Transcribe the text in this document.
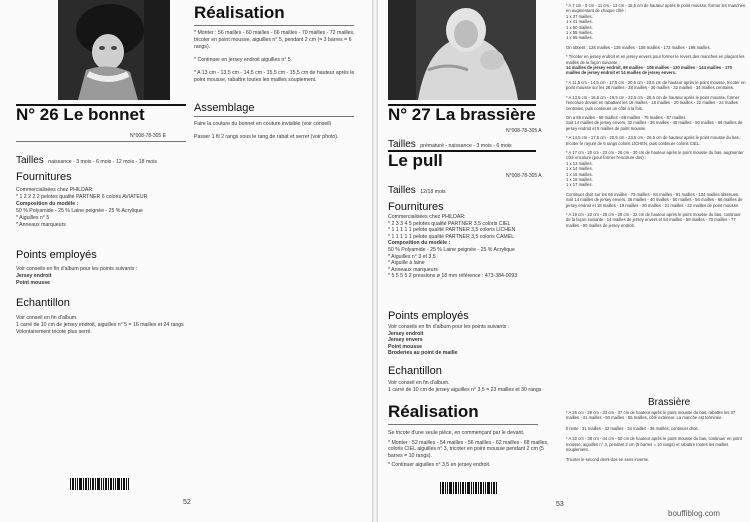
N° 26 Le bonnet
N°008-78-305 E
Tailles naissance - 3 mois - 6 mois - 12 mois - 18 mois
Fournitures
Commercialisées chez PHILDAR:
* 1 2 2 2 2 pelotes qualité PARTNER 6 coloris AVIATEUR
Composition du modèle :
50 % Polyamide - 25 % Laine peignée - 25 % Acrylique
* Aiguilles n° 5
* Anneaux marqueurs
Points employés
Voir conseils en fin d'album pour les points suivants :
Jersey endroit
Point mousse
Echantillon
Voir conseil en fin d'album.
1 carré de 10 cm de jersey endroit, aiguilles n° 5 = 16 mailles et 24 rangs
Volontairement tricoté plus serré.
Réalisation
* Monter : 56 mailles - 60 mailles - 66 mailles - 70 mailles - 72 mailles, tricoter en point mousse, aiguilles n° 5, pendant 2 cm (= 3 barres = 6 rangs).
* Continuer en jersey endroit aiguilles n° 5.
* A 13 cm - 13,5 cm - 14,5 cm - 15,5 cm - 15,5 cm de hauteur après le point mousse, rabattre toutes les mailles souplement.
Assemblage
Faire la couture du bonnet en couture invisible (voir conseil)
Passer 1 fil 2 rangs sous le rang de rabat et serrer (voir photo).
52
N° 27 La brassière
N°008-78-305 A
Tailles prématuré - naissance - 3 mois - 6 mois
Le pull
N°008-78-305 A
Tailles 12/18 mois
Fournitures
Commercialisées chez PHILDAR:
* 2 3 3 4 5 pelotes qualité PARTNER 3,5 coloris CIEL
* 1 1 1 1 1 pelote qualité PARTNER 3,5 coloris LICHEN
* 1 1 1 1 1 pelote qualité PARTNER 3,5 coloris CAMEL
Composition du modèle :
50 % Polyamide - 25 % Laine peignée - 25 % Acrylique
* Aiguilles n° 3 et 3,5
* Aiguille à laine
* Anneaux marqueurs
* 5 5 5 5 2 pressions ø 18 mm référence : 473-384-0093
Points employés
Voir conseils en fin d'album pour les points suivants :
Jersey endroit
Jersey envers
Point mousse
Broderies au point de maille
Echantillon
Voir conseil en fin d'album.
1 carré de 10 cm de jersey aiguilles n° 3,5 = 23 mailles et 30 rangs
Réalisation
Se tricote d'une seule pièce, en commençant par le devant.
* Monter : 52 mailles - 54 mailles - 56 mailles - 62 mailles - 68 mailles, coloris CIEL aiguilles n° 3, tricoter en point mousse pendant 2 cm (5 barres = 10 rangs).
* Continuer aiguilles n° 3,5 en jersey endroit.
53
* A 7 cm - 9 cm - 11 cm - 13 cm - 15,5 cm de hauteur après le point mousse, former les manches en augmentant de chaque côté :
1 x 37 mailles.
1 x 41 mailles.
1 x 50 mailles.
1 x 55 mailles.
1 x 65 mailles.
On obtient : 126 mailles - 136 mailles - 156 mailles - 172 mailles - 198 mailles.
* Tricoter en jersey endroit et en jersey envers pour former le revers des manches en plaçant les mailles de la façon suivante :
14 mailles de jersey endroit, 98 mailles - 108 mailles - 130 mailles - 144 mailles - 170 mailles de jersey endroit et 14 mailles de jersey envers.
* A 11,5 cm - 14,5 cm - 17,5 cm - 20,5 cm - 23,5 cm de hauteur après le point mousse, tricoter en point mousse sur les 28 mailles - 28 mailles - 30 mailles - 32 mailles - 34 mailles centrales.
* A 13,5 cm - 16,5 cm - 19,5 cm - 22,5 cm - 25,5 cm de hauteur après le point mousse, former l'encolure devant en rabattant les 16 mailles - 18 mailles - 20 mailles - 22 mailles - 24 mailles centrales, puis continuer un côté à la fois.
On a 55 mailles - 59 mailles - 68 mailles - 75 mailles - 87 mailles.
Soit 14 mailles de jersey envers, 32 mailles - 36 mailles - 40 mailles - 50 mailles - 66 mailles de jersey endroit et 5 mailles de point mousse.
* A 14,5 cm - 17,5 cm - 20,5 cm - 23,5 cm - 26,5 cm de hauteur après le point mousse du bas, tricoter le rayure de 6 rangs coloris LICHEN, puis continuer coloris CIEL.
* A 17 cm - 20 cm - 23 cm - 26 cm - 30 cm de hauteur après le point mousse du bas, augmenter côté encolure (pour former l'encolure dos) :
1 x 13 mailles.
1 x 14 mailles.
1 x 15 mailles.
1 x 16 mailles.
1 x 17 mailles.
Continuer droit sur les 68 mailles - 73 mailles - 84 mailles - 91 mailles - 104 mailles obtenues.
Soit 14 mailles de jersey envers, 36 mailles - 40 mailles - 50 mailles - 56 mailles - 66 mailles de jersey endroit et 18 mailles - 19 mailles - 20 mailles - 21 mailles - 22 mailles de point mousse.
* A 19 cm - 22 cm - 25 cm - 28 cm - 32 cm de hauteur après le point mousse du bas, continuer de la façon suivante : 14 mailles de jersey envers et 54 mailles - 59 mailles - 70 mailles - 77 mailles - 90 mailles de jersey endroit.
Brassière
* A 25 cm - 29 cm - 33 cm - 37 cm de hauteur après le point mousse du bas, rabattre les 37 mailles - 41 mailles - 50 mailles - 55 mailles, côté extérieur. La manche est terminée.
Il reste : 31 mailles - 32 mailles - 34 mailles - 36 mailles, continuer droit.
* A 32 cm - 38 cm - 44 cm - 50 cm de hauteur après le point mousse du bas, continuer en point mousse, aiguilles n° 3, pendant 2 cm (5 barres = 10 rangs) et rabattre toutes les mailles souplement.
Tricoter le second demi-dos en sens inverse.
bouffiblog.com
